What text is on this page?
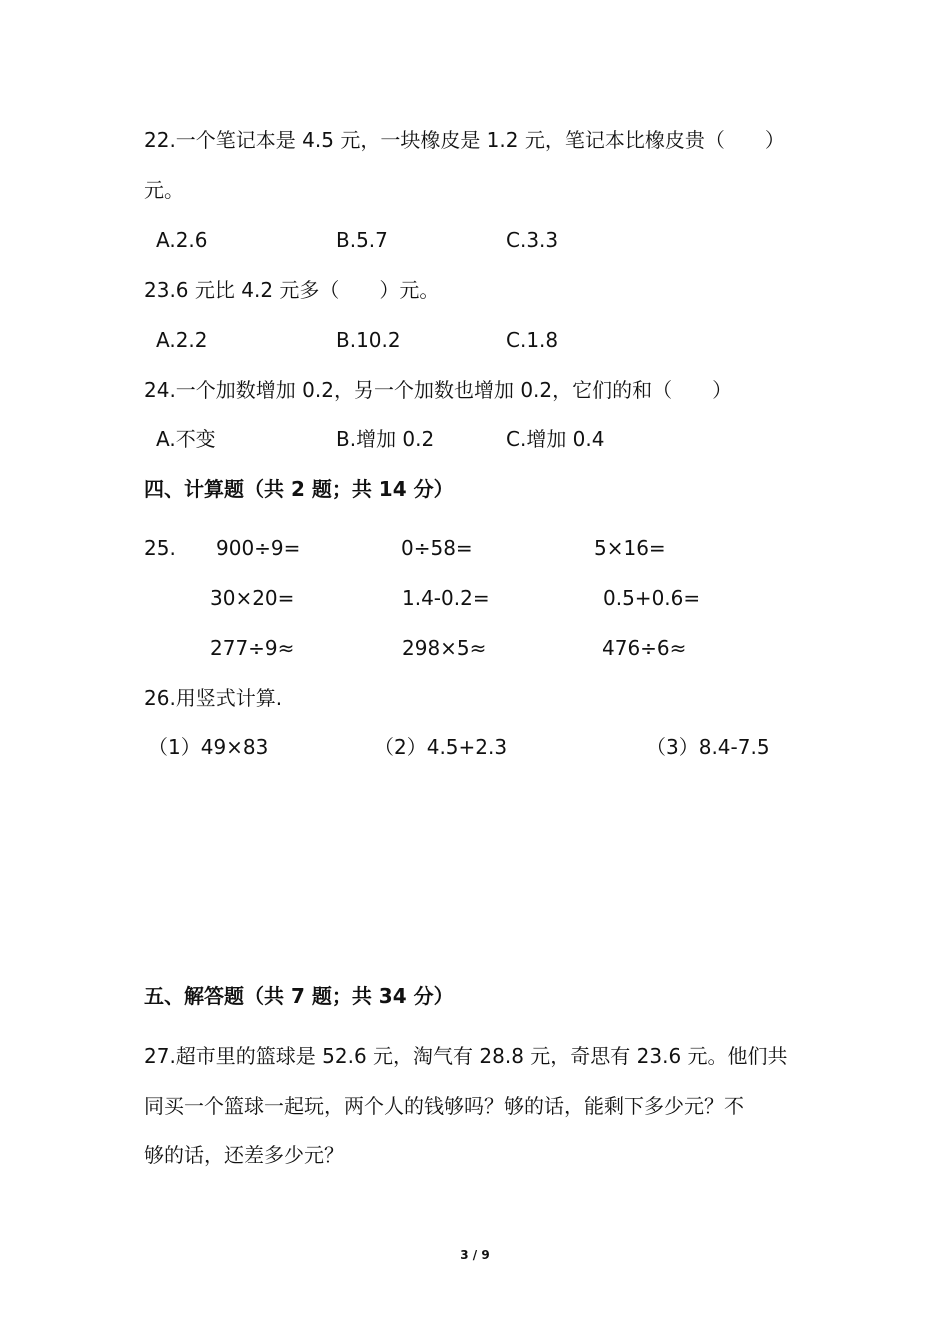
22.一个笔记本是 4.5 元，一块橡皮是 1.2 元，笔记本比橡皮贵（　　）
元。
A.2.6	B.5.7	C.3.3
23.6 元比 4.2 元多（　　）元。
A.2.2	B.10.2	C.1.8
24.一个加数增加 0.2，另一个加数也增加 0.2，它们的和（　　）
A.不变	B.增加 0.2	C.增加 0.4
四、计算题（共 2 题；共 14 分）
25. 900÷9=	0÷58=	5×16=
30×20=	1.4-0.2=	0.5+0.6=
277÷9≈	298×5≈	476÷6≈
26.用竖式计算.
（1）49×83	（2）4.5+2.3	（3）8.4-7.5
五、解答题（共 7 题；共 34 分）
27.超市里的篮球是 52.6 元，淘气有 28.8 元，奇思有 23.6 元。他们共
同买一个篮球一起玩，两个人的钱够吗？够的话，能剩下多少元？不
够的话，还差多少元？
3 / 9
